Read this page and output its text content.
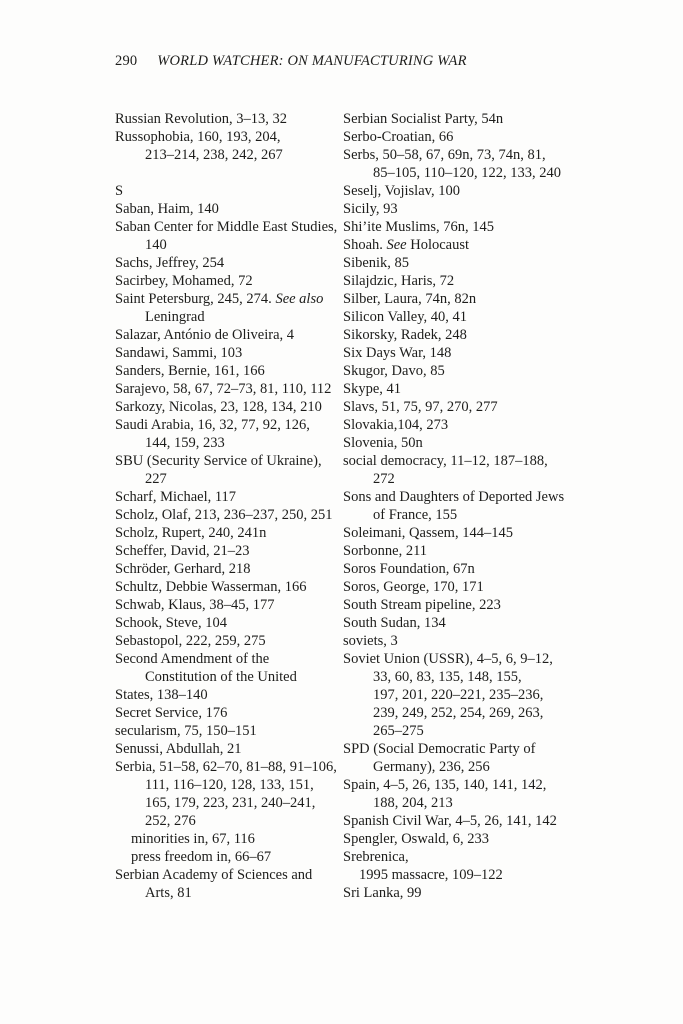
290 WORLD WATCHER: ON MANUFACTURING WAR
Russian Revolution, 3–13, 32
Russophobia, 160, 193, 204,
213–214, 238, 242, 267

S
Saban, Haim, 140
Saban Center for Middle East Studies,
140
Sachs, Jeffrey, 254
Sacirbey, Mohamed, 72
Saint Petersburg, 245, 274. See also
Leningrad
Salazar, António de Oliveira, 4
Sandawi, Sammi, 103
Sanders, Bernie, 161, 166
Sarajevo, 58, 67, 72–73, 81, 110, 112
Sarkozy, Nicolas, 23, 128, 134, 210
Saudi Arabia, 16, 32, 77, 92, 126,
144, 159, 233
SBU (Security Service of Ukraine),
227
Scharf, Michael, 117
Scholz, Olaf, 213, 236–237, 250, 251
Scholz, Rupert, 240, 241n
Scheffer, David, 21–23
Schröder, Gerhard, 218
Schultz, Debbie Wasserman, 166
Schwab, Klaus, 38–45, 177
Schook, Steve, 104
Sebastopol, 222, 259, 275
Second Amendment of the
Constitution of the United
States, 138–140
Secret Service, 176
secularism, 75, 150–151
Senussi, Abdullah, 21
Serbia, 51–58, 62–70, 81–88, 91–106,
111, 116–120, 128, 133, 151,
165, 179, 223, 231, 240–241,
252, 276
minorities in, 67, 116
press freedom in, 66–67
Serbian Academy of Sciences and
Arts, 81
Serbian Socialist Party, 54n
Serbo-Croatian, 66
Serbs, 50–58, 67, 69n, 73, 74n, 81,
85–105, 110–120, 122, 133, 240
Seselj, Vojislav, 100
Sicily, 93
Shi’ite Muslims, 76n, 145
Shoah. See Holocaust
Sibenik, 85
Silajdzic, Haris, 72
Silber, Laura, 74n, 82n
Silicon Valley, 40, 41
Sikorsky, Radek, 248
Six Days War, 148
Skugor, Davo, 85
Skype, 41
Slavs, 51, 75, 97, 270, 277
Slovakia,104, 273
Slovenia, 50n
social democracy, 11–12, 187–188,
272
Sons and Daughters of Deported Jews
of France, 155
Soleimani, Qassem, 144–145
Sorbonne, 211
Soros Foundation, 67n
Soros, George, 170, 171
South Stream pipeline, 223
South Sudan, 134
soviets, 3
Soviet Union (USSR), 4–5, 6, 9–12,
33, 60, 83, 135, 148, 155,
197, 201, 220–221, 235–236,
239, 249, 252, 254, 269, 263,
265–275
SPD (Social Democratic Party of
Germany), 236, 256
Spain, 4–5, 26, 135, 140, 141, 142,
188, 204, 213
Spanish Civil War, 4–5, 26, 141, 142
Spengler, Oswald, 6, 233
Srebrenica,
1995 massacre, 109–122
Sri Lanka, 99
